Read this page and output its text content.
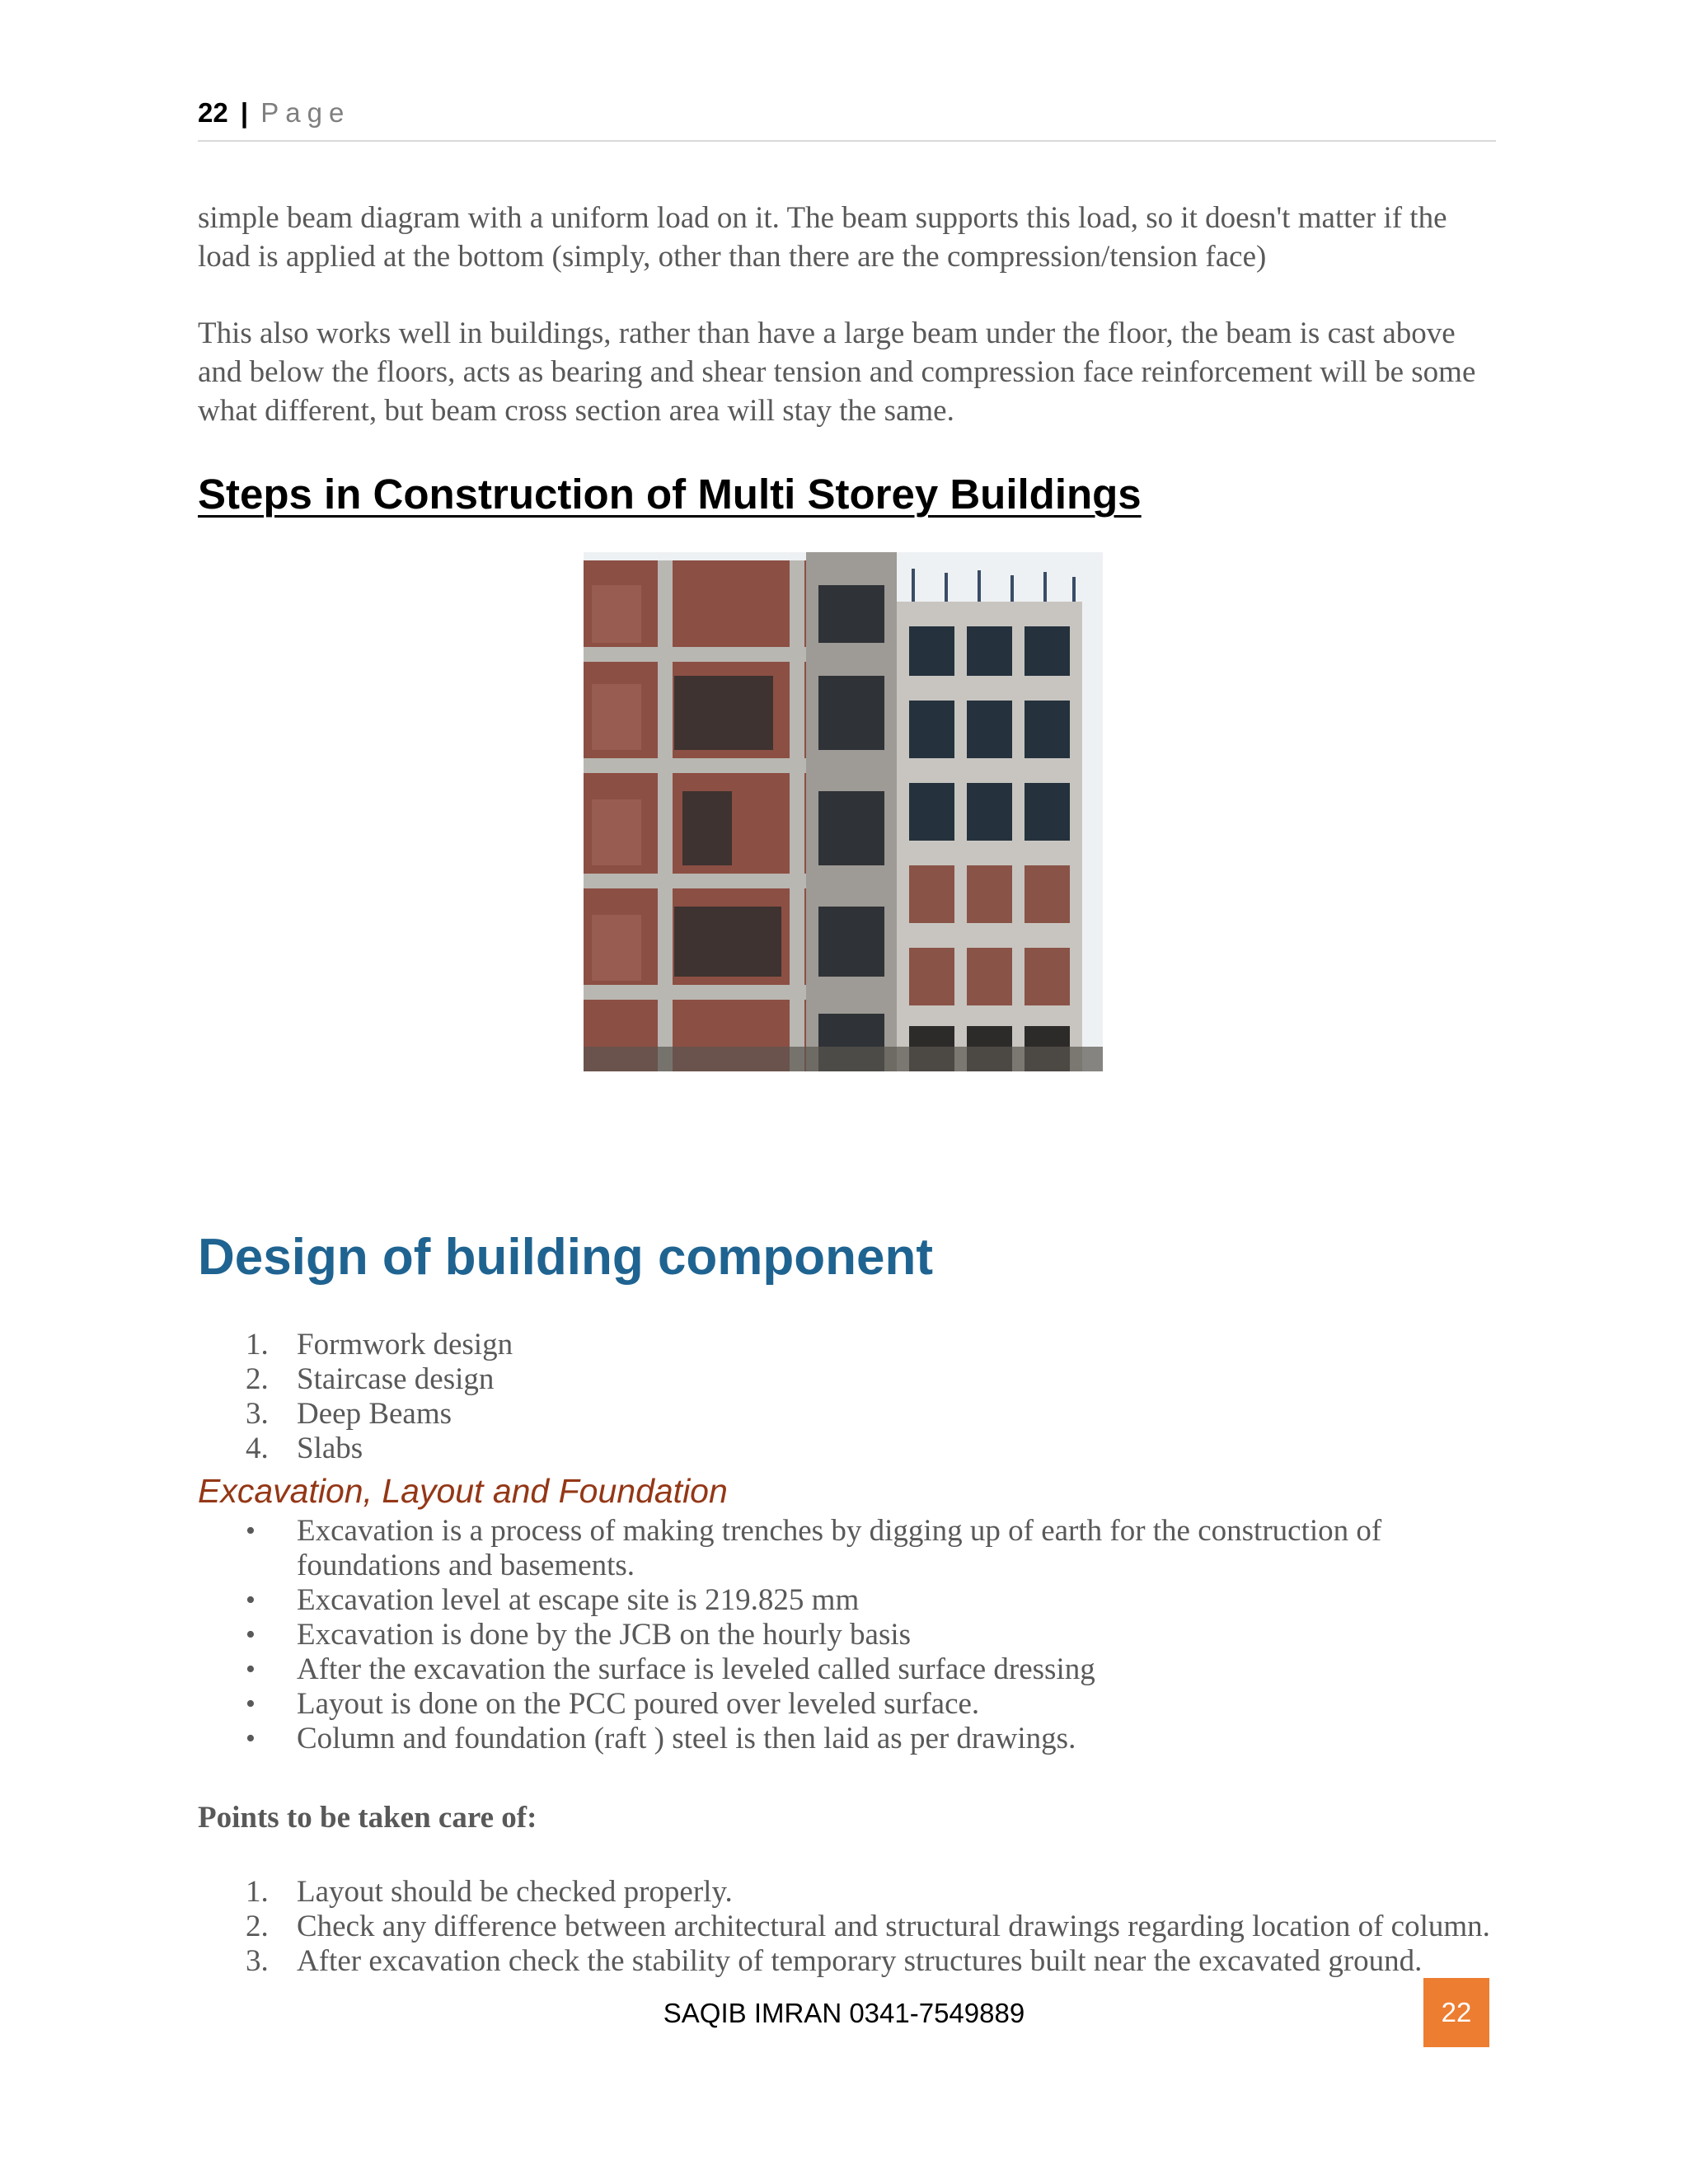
22 | Page

simple beam diagram with a uniform load on it. The beam supports this load, so it doesn't matter if the load is applied at the bottom (simply, other than there are the compression/tension face)

This also works well in buildings, rather than have a large beam under the floor, the beam is cast above and below the floors, acts as bearing and shear tension and compression face reinforcement will be some what different, but beam cross section area will stay the same.

Steps in Construction of Multi Storey Buildings
Design of building component
1. Formwork design
2. Staircase design
3. Deep Beams
4. Slabs
Excavation, Layout and Foundation
• Excavation is a process of making trenches by digging up of earth for the construction of foundations and basements.
• Excavation level at escape site is 219.825 mm
• Excavation is done by the JCB on the hourly basis
• After the excavation the surface is leveled called surface dressing
• Layout is done on the PCC poured over leveled surface.
• Column and foundation (raft ) steel is then laid as per drawings.
Points to be taken care of:
1. Layout should be checked properly.
2. Check any difference between architectural and structural drawings regarding location of column.
3. After excavation check the stability of temporary structures built near the excavated ground.
SAQIB IMRAN 0341-7549889	22
